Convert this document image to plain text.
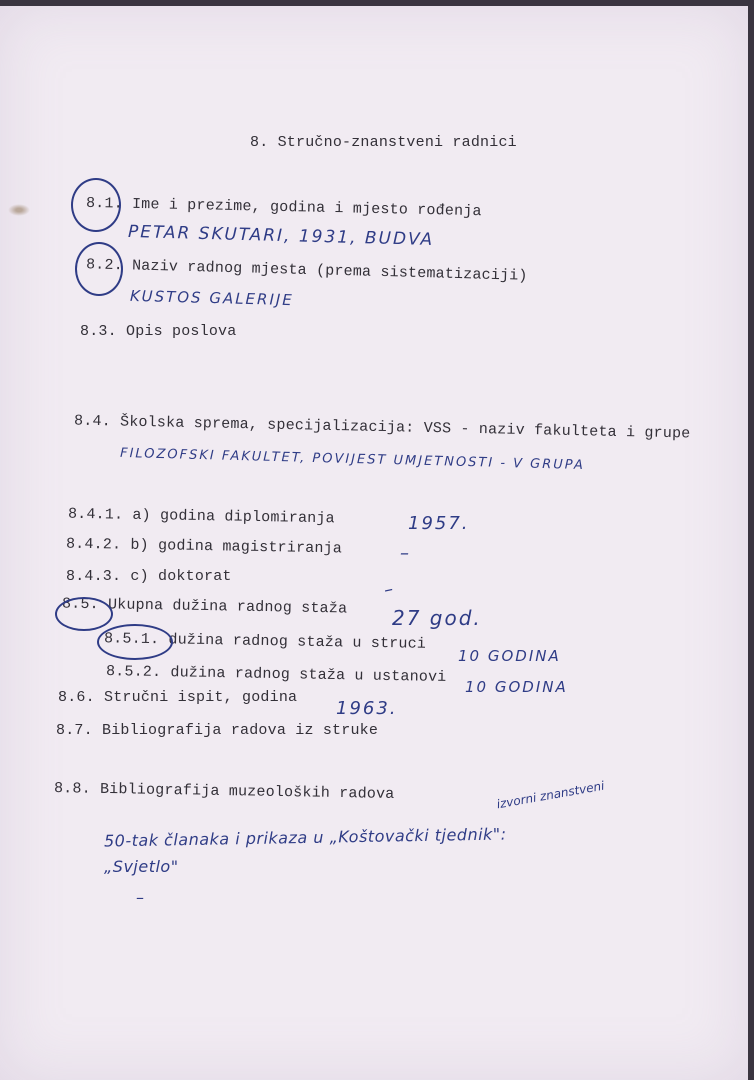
8. Stručno-znanstveni radnici
8.1. Ime i prezime, godina i mjesto rođenja
PETAR SKUTARI, 1931, BUDVA
8.2. Naziv radnog mjesta (prema sistematizaciji)
KUSTOS GALERIJE
8.3. Opis poslova
8.4. Školska sprema, specijalizacija: VSS - naziv fakulteta i grupe
FILOZOFSKI FAKULTET, POVIJEST UMJETNOSTI - V GRUPA
8.4.1. a) godina diplomiranja	1957.
8.4.2. b) godina magistriranja	–
8.4.3. c) doktorat
–
8.5. Ukupna dužina radnog staža 27 god.
8.5.1. dužina radnog staža u struci
10 GODINA
8.5.2. dužina radnog staža u ustanovi
10 GODINA
8.6. Stručni ispit, godina
1963.
8.7. Bibliografija radova iz struke
8.8. Bibliografija muzeoloških radova	izvorni znanstveni
50-tak članaka i prikaza u „Koštovački tjednik":
„Svjetlo"
–
